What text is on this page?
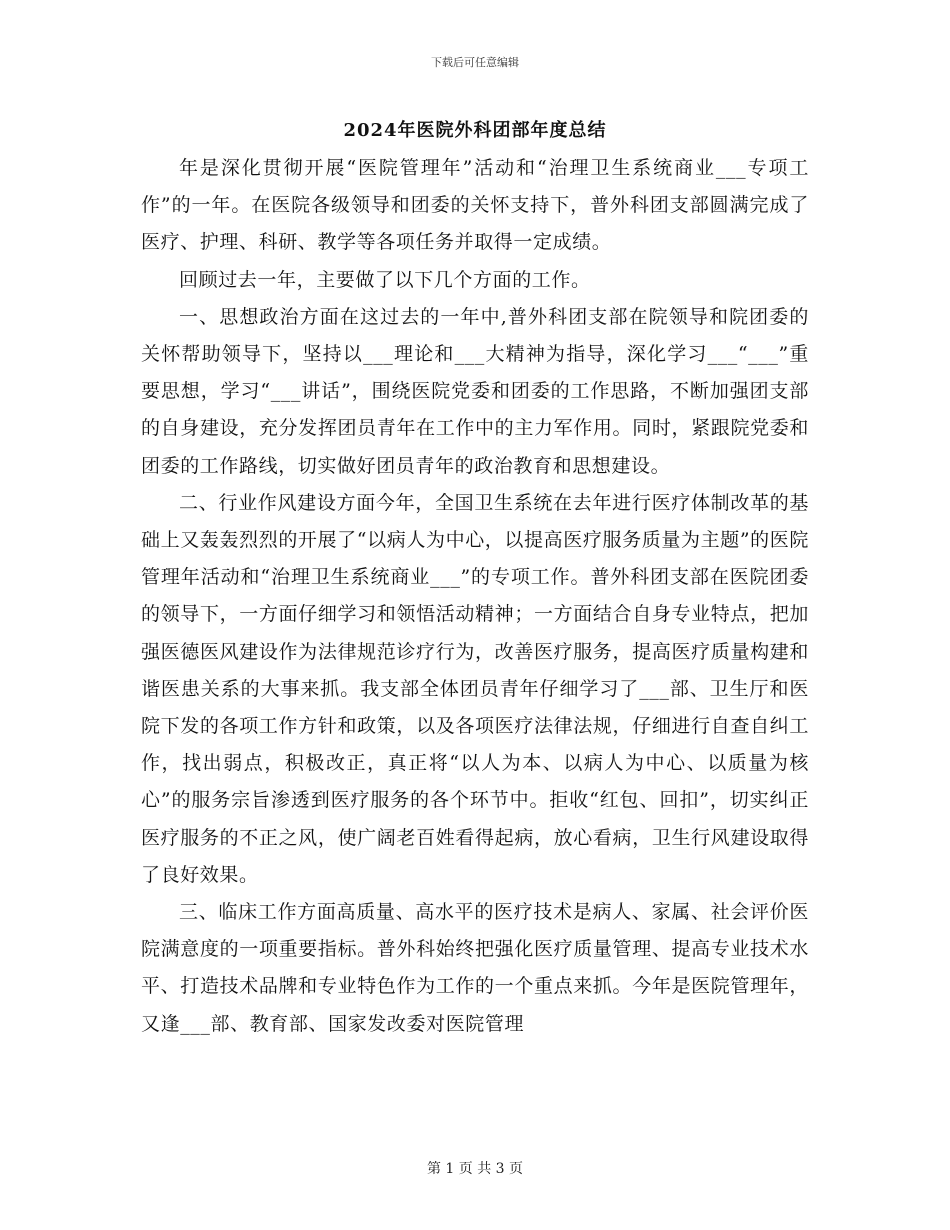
下载后可任意编辑
2024年医院外科团部年度总结

年是深化贯彻开展“医院管理年”活动和“治理卫生系统商业___专项工作”的一年。在医院各级领导和团委的关怀支持下，普外科团支部圆满完成了医疗、护理、科研、教学等各项任务并取得一定成绩。

回顾过去一年，主要做了以下几个方面的工作。

一、思想政治方面在这过去的一年中,普外科团支部在院领导和院团委的关怀帮助领导下，坚持以___理论和___大精神为指导，深化学习___“___”重要思想，学习“___讲话”，围绕医院党委和团委的工作思路，不断加强团支部的自身建设，充分发挥团员青年在工作中的主力军作用。同时，紧跟院党委和团委的工作路线，切实做好团员青年的政治教育和思想建设。

二、行业作风建设方面今年，全国卫生系统在去年进行医疗体制改革的基础上又轰轰烈烈的开展了“以病人为中心，以提高医疗服务质量为主题”的医院管理年活动和“治理卫生系统商业___”的专项工作。普外科团支部在医院团委的领导下，一方面仔细学习和领悟活动精神；一方面结合自身专业特点，把加强医德医风建设作为法律规范诊疗行为，改善医疗服务，提高医疗质量构建和谐医患关系的大事来抓。我支部全体团员青年仔细学习了___部、卫生厅和医院下发的各项工作方针和政策，以及各项医疗法律法规，仔细进行自查自纠工作，找出弱点，积极改正，真正将“以人为本、以病人为中心、以质量为核心”的服务宗旨渗透到医疗服务的各个环节中。拒收“红包、回扣”，切实纠正医疗服务的不正之风，使广阔老百姓看得起病，放心看病，卫生行风建设取得了良好效果。

三、临床工作方面高质量、高水平的医疗技术是病人、家属、社会评价医院满意度的一项重要指标。普外科始终把强化医疗质量管理、提高专业技术水平、打造技术品牌和专业特色作为工作的一个重点来抓。今年是医院管理年，又逢___部、教育部、国家发改委对医院管理

第 1 页 共 3 页
